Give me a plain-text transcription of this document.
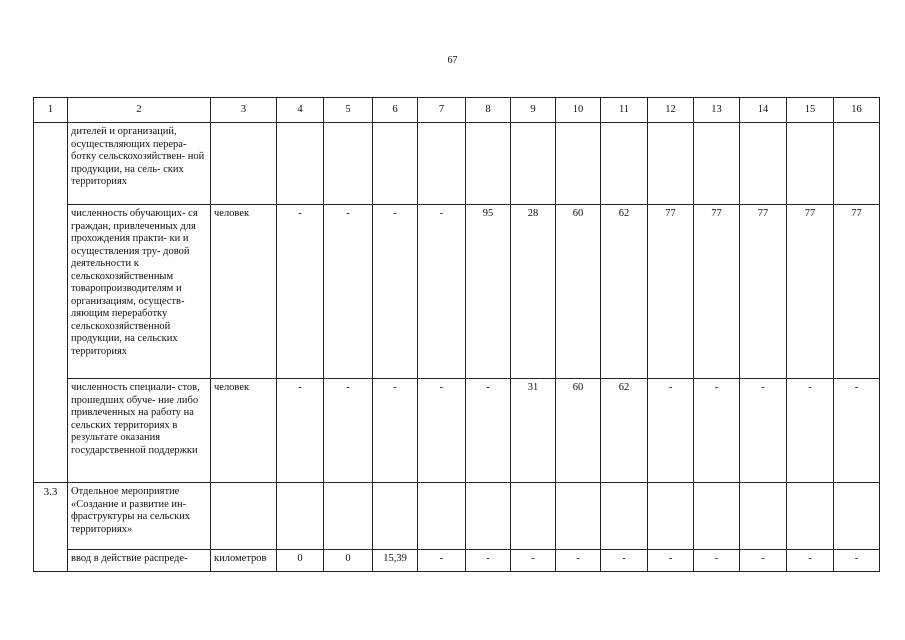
67
1	2	3	4	5	6	7	8	9	10	11	12	13	14	15	16
	дителей и организаций, осуществляющих перера- ботку сельскохозяйствен- ной продукции, на сель- ских территориях														
	численность обучающих- ся граждан, привлеченных для прохождения практи- ки и осуществления тру- довой деятельности к сельскохозяйственным товаропроизводителям и организациям, осуществ- ляющим переработку сельскохозяйственной продукции, на сельских территориях	человек	-	-	-	-	95	28	60	62	77	77	77	77	77
	численность специали- стов, прошедших обуче- ние либо привлеченных на работу на сельских территориях в результате оказания государственной поддержки	человек	-	-	-	-	-	31	60	62	-	-	-	-	-
3.3	Отдельное мероприятие «Создание и развитие ин- фраструктуры на сельских территориях»														
	ввод в действие распреде-	километров	0	0	15,39	-	-	-	-	-	-	-	-	-	-
